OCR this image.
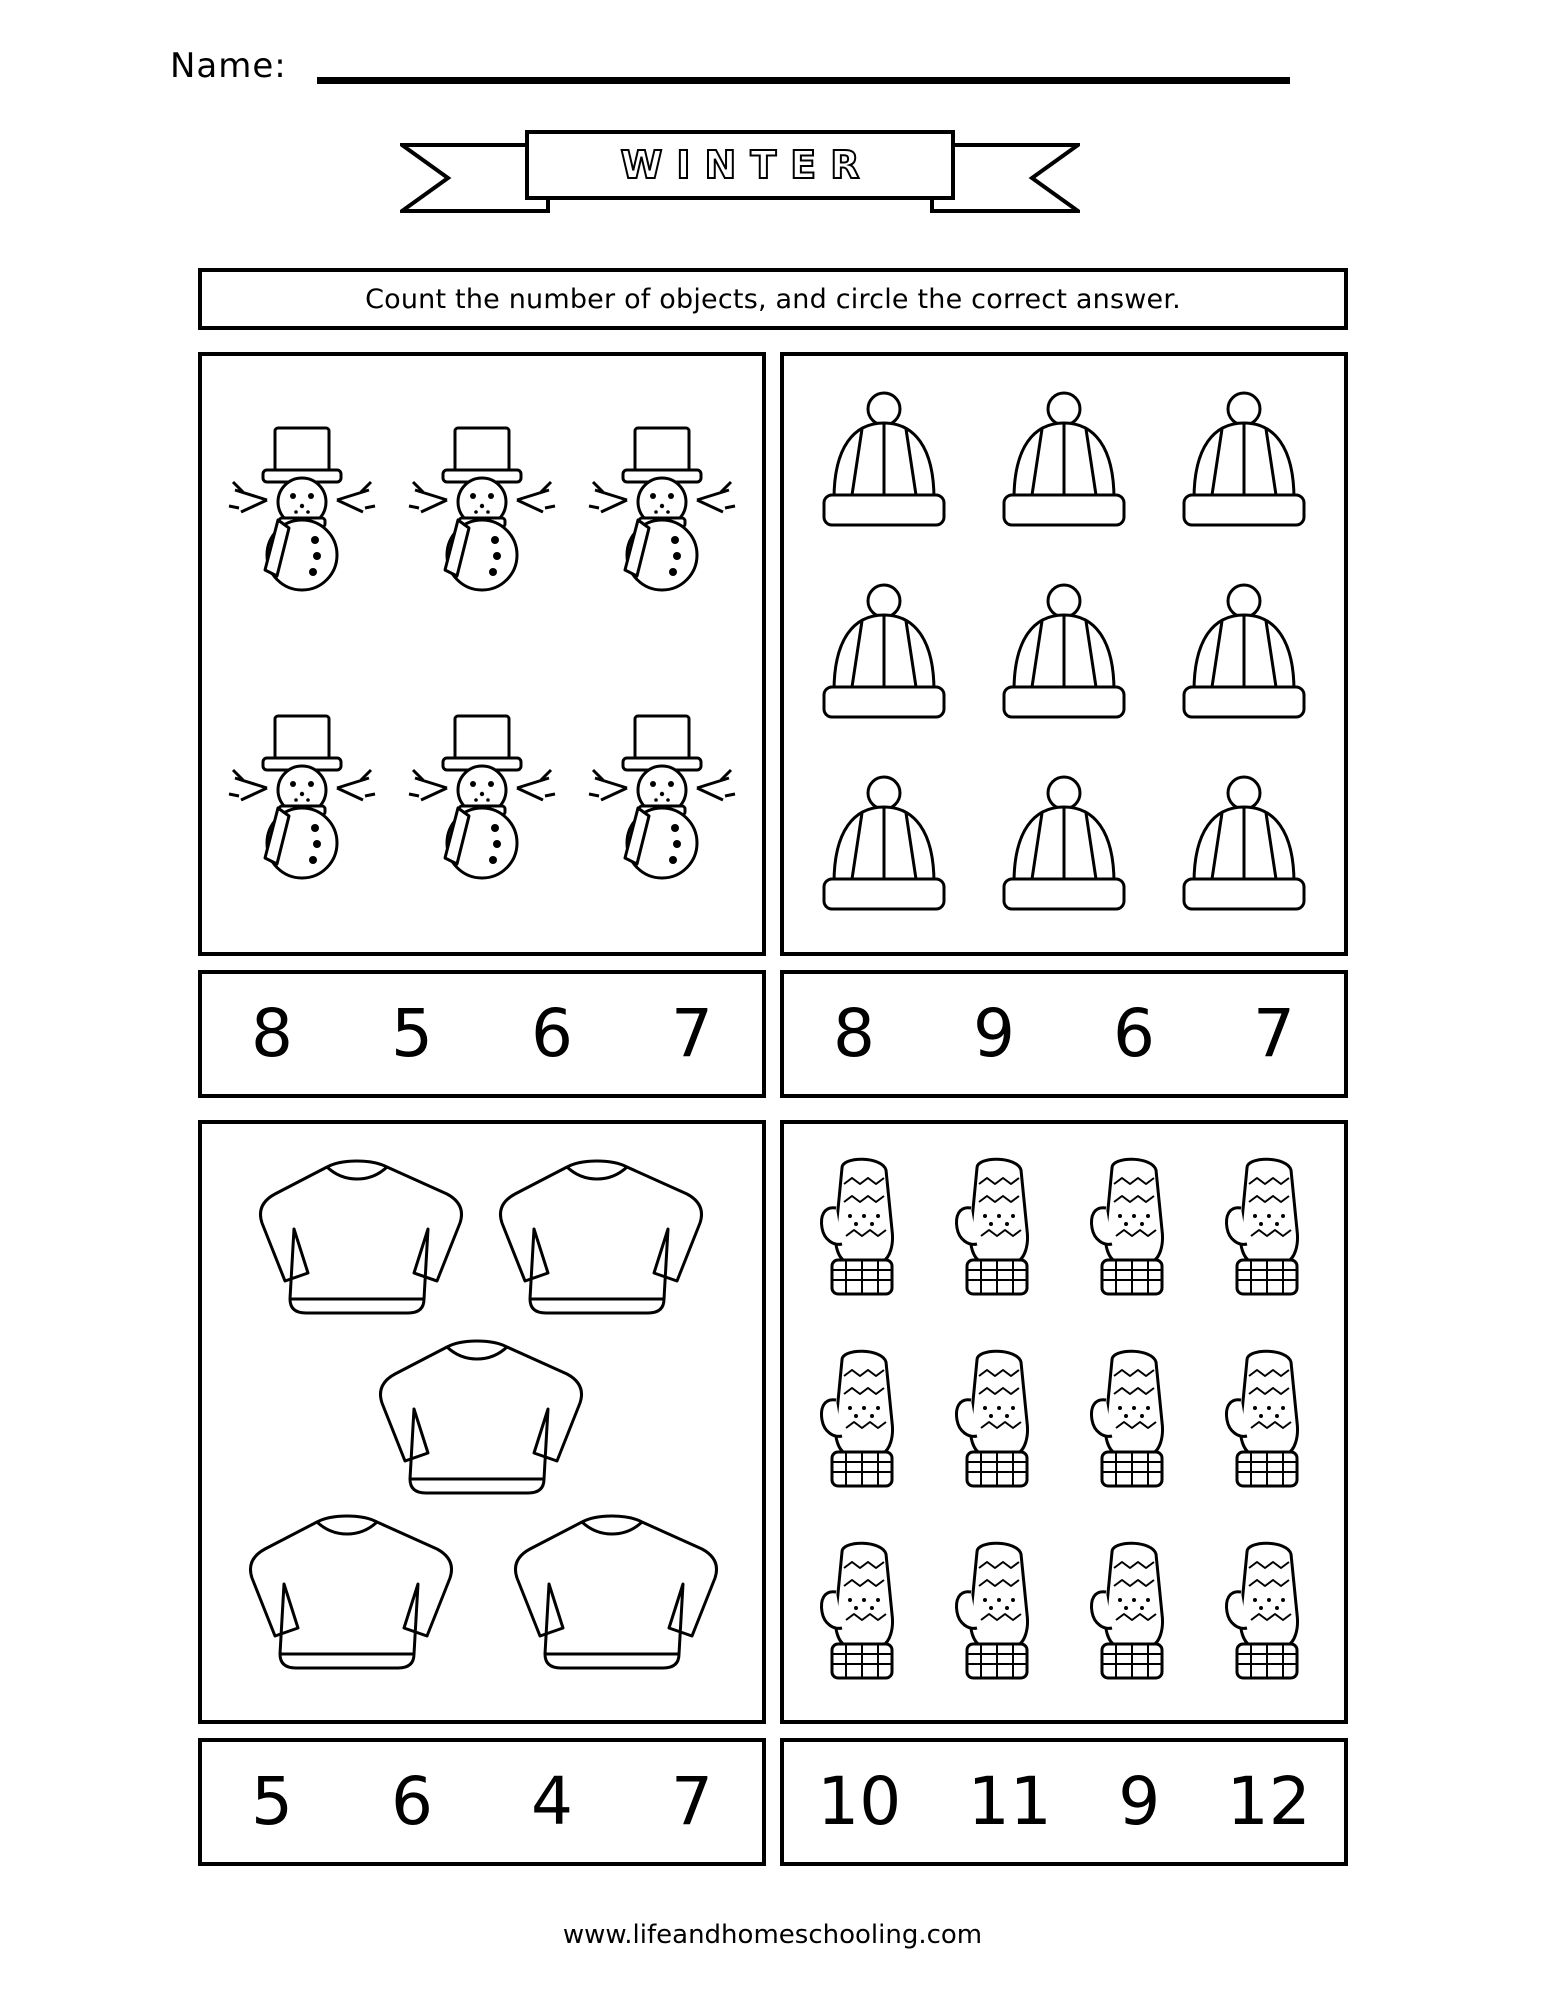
Name:
WINTER
Count the number of objects, and circle the correct answer.
8 5 6 7 8 9 6 7
5 6 4 7 10 11 9 12
www.lifeandhomeschooling.com
